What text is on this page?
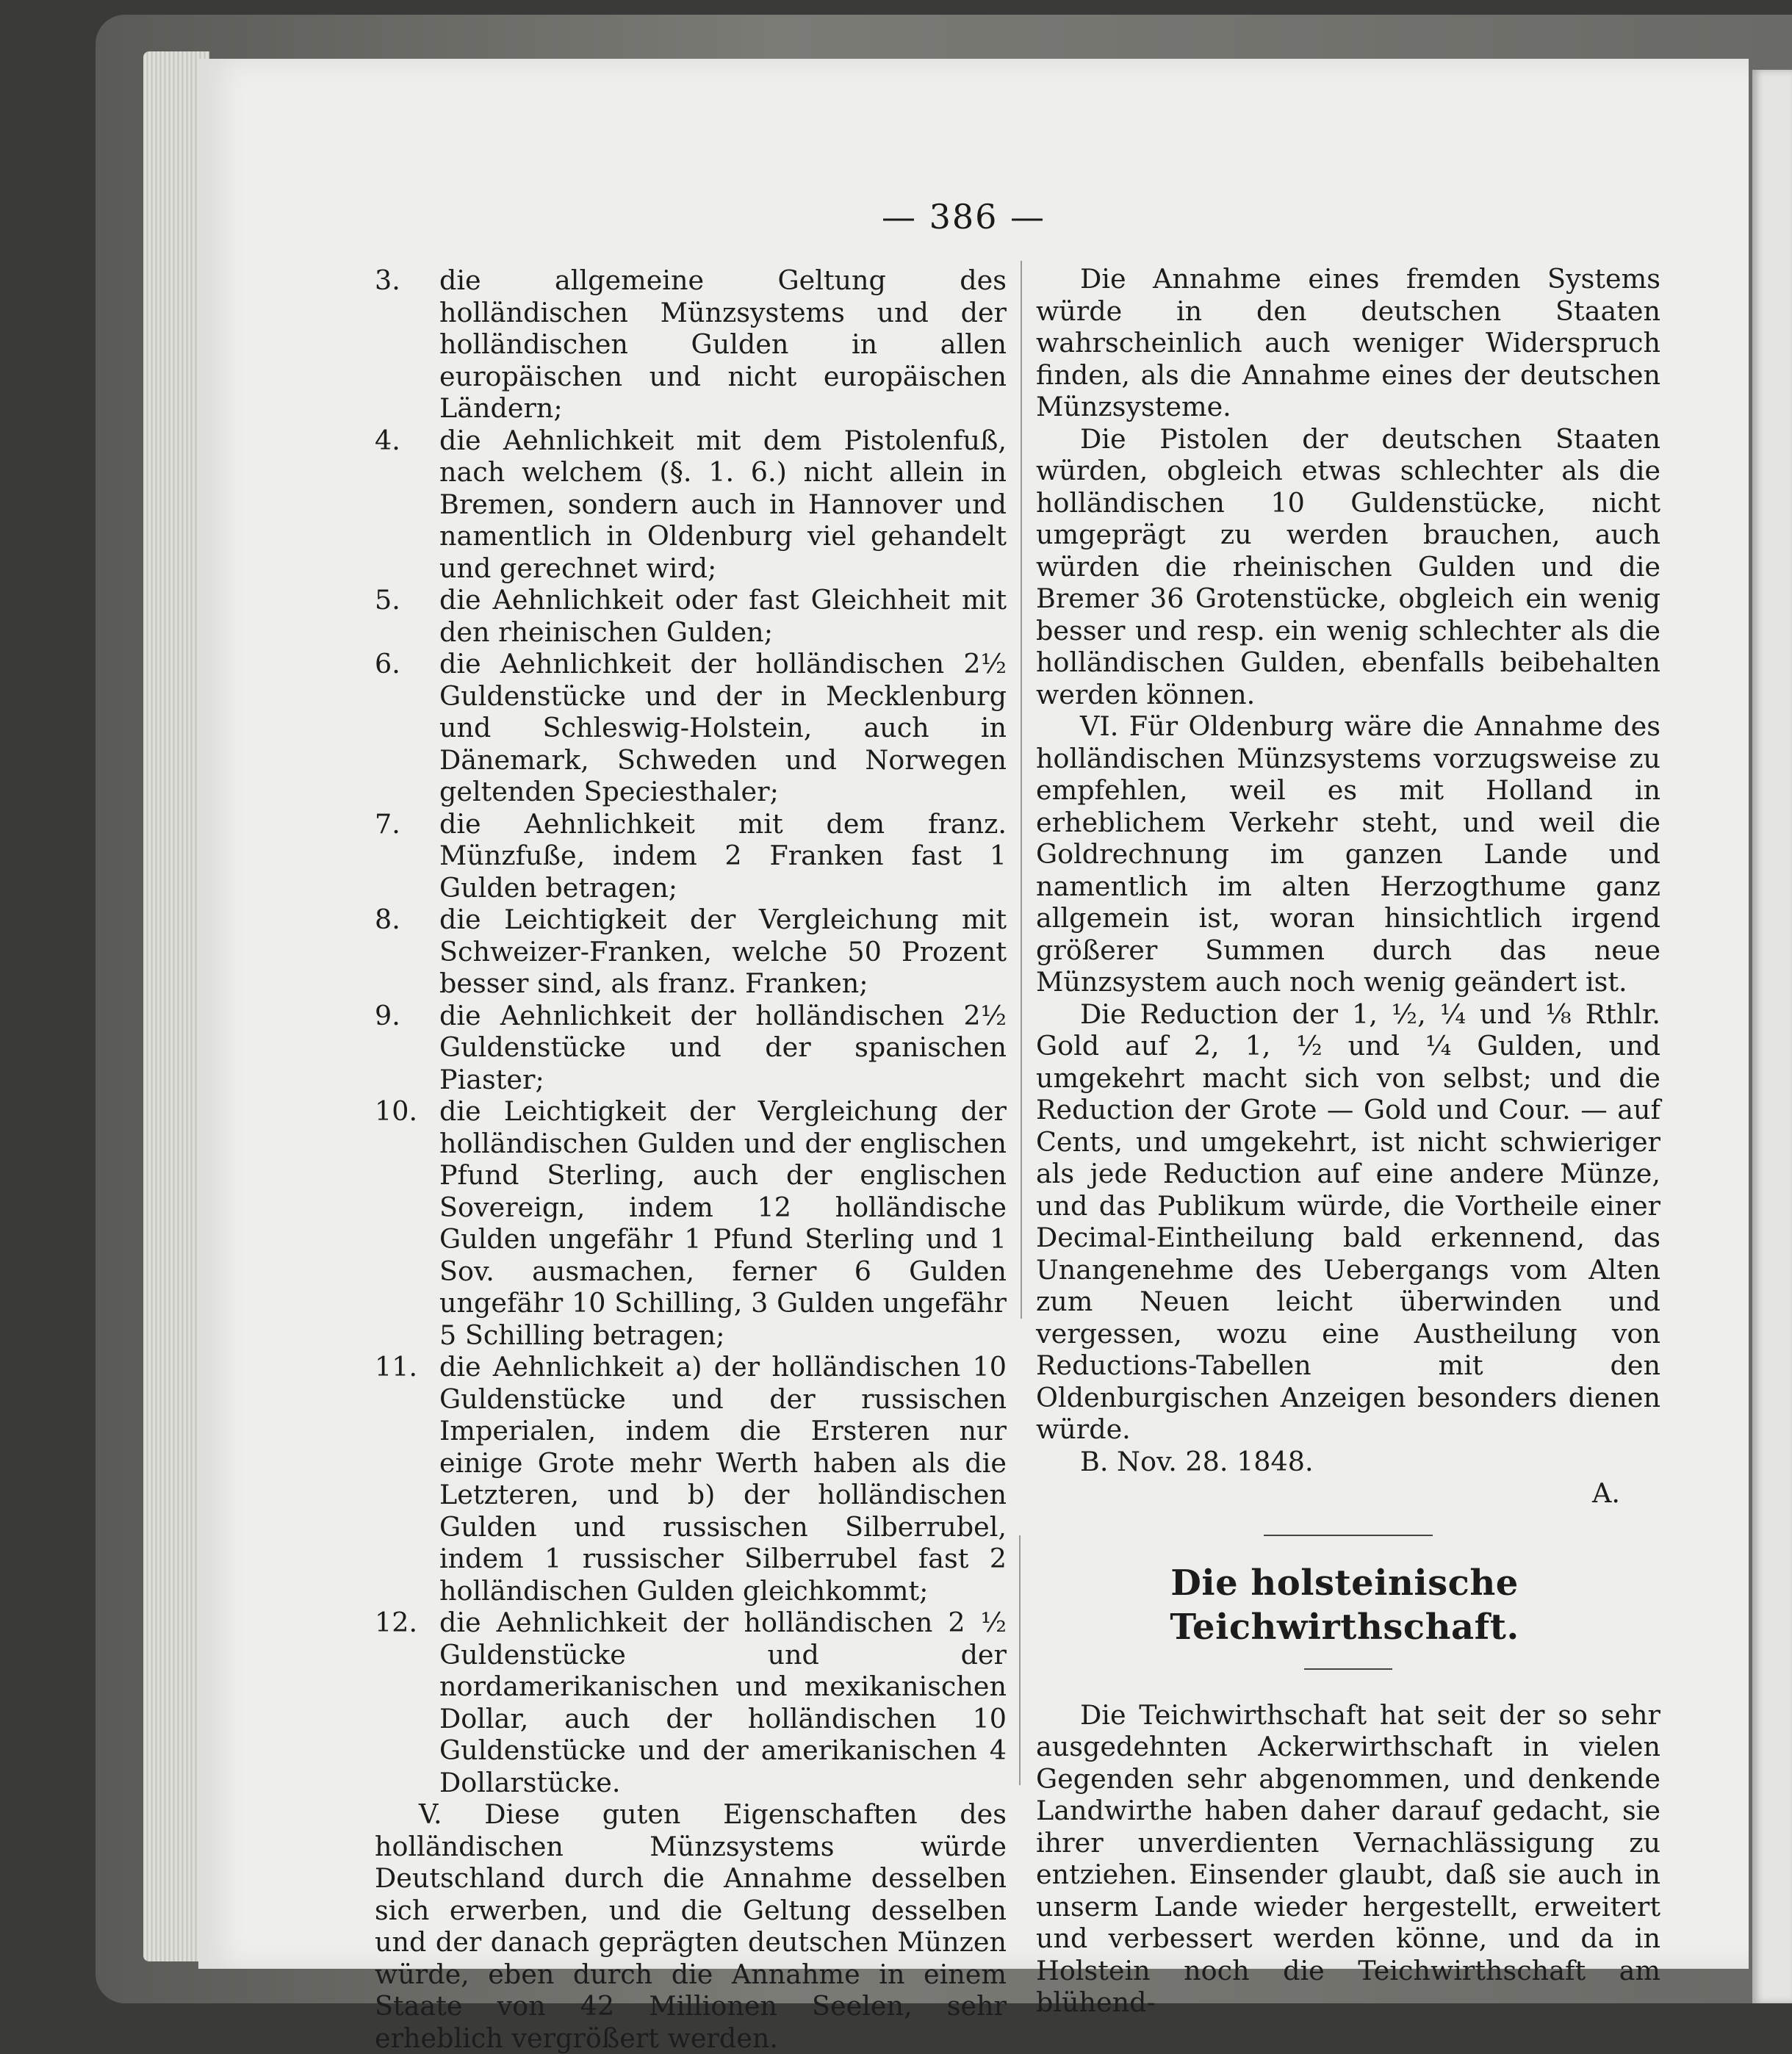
— 386 —
3.	die allgemeine Geltung des holländischen Münzsystems und der holländischen Gulden in allen europäischen und nicht europäischen Ländern;
4.	die Aehnlichkeit mit dem Pistolenfuß, nach welchem (§. 1. 6.) nicht allein in Bremen, sondern auch in Hannover und namentlich in Oldenburg viel gehandelt und gerechnet wird;
5.	die Aehnlichkeit oder fast Gleichheit mit den rheinischen Gulden;
6.	die Aehnlichkeit der holländischen 2½ Guldenstücke und der in Mecklenburg und Schleswig-Holstein, auch in Dänemark, Schweden und Norwegen geltenden Speciesthaler;
7.	die Aehnlichkeit mit dem franz. Münzfuße, indem 2 Franken fast 1 Gulden betragen;
8.	die Leichtigkeit der Vergleichung mit Schweizer-Franken, welche 50 Prozent besser sind, als franz. Franken;
9.	die Aehnlichkeit der holländischen 2½ Guldenstücke und der spanischen Piaster;
10. die Leichtigkeit der Vergleichung der holländischen Gulden und der englischen Pfund Sterling, auch der englischen Sovereign, indem 12 holländische Gulden ungefähr 1 Pfund Sterling und 1 Sov. ausmachen, ferner 6 Gulden ungefähr 10 Schilling, 3 Gulden ungefähr 5 Schilling betragen;
11. die Aehnlichkeit a) der holländischen 10 Guldenstücke und der russischen Imperialen, indem die Ersteren nur einige Grote mehr Werth haben als die Letzteren, und b) der holländischen Gulden und russischen Silberrubel, indem 1 russischer Silberrubel fast 2 holländischen Gulden gleichkommt;
12. die Aehnlichkeit der holländischen 2 ½ Guldenstücke und der nordamerikanischen und mexikanischen Dollar, auch der holländischen 10 Guldenstücke und der amerikanischen 4 Dollarstücke.

V. Diese guten Eigenschaften des holländischen Münzsystems würde Deutschland durch die Annahme desselben sich erwerben, und die Geltung desselben und der danach geprägten deutschen Münzen würde, eben durch die Annahme in einem Staate von 42 Millionen Seelen, sehr erheblich vergrößert werden.

Die Annahme eines fremden Systems würde in den deutschen Staaten wahrscheinlich auch weniger Widerspruch finden, als die Annahme eines der deutschen Münzsysteme.

Die Pistolen der deutschen Staaten würden, obgleich etwas schlechter als die holländischen 10 Guldenstücke, nicht umgeprägt zu werden brauchen, auch würden die rheinischen Gulden und die Bremer 36 Grotenstücke, obgleich ein wenig besser und resp. ein wenig schlechter als die holländischen Gulden, ebenfalls beibehalten werden können.

VI. Für Oldenburg wäre die Annahme des holländischen Münzsystems vorzugsweise zu empfehlen, weil es mit Holland in erheblichem Verkehr steht, und weil die Goldrechnung im ganzen Lande und namentlich im alten Herzogthume ganz allgemein ist, woran hinsichtlich irgend größerer Summen durch das neue Münzsystem auch noch wenig geändert ist.

Die Reduction der 1, ½, ¼ und ⅛ Rthlr. Gold auf 2, 1, ½ und ¼ Gulden, und umgekehrt macht sich von selbst; und die Reduction der Grote — Gold und Cour. — auf Cents, und umgekehrt, ist nicht schwieriger als jede Reduction auf eine andere Münze, und das Publikum würde, die Vortheile einer Decimal-Eintheilung bald erkennend, das Unangenehme des Uebergangs vom Alten zum Neuen leicht überwinden und vergessen, wozu eine Austheilung von Reductions-Tabellen mit den Oldenburgischen Anzeigen besonders dienen würde.

B. Nov. 28. 1848.

A.
Die holsteinische Teichwirthschaft.

Die Teichwirthschaft hat seit der so sehr ausgedehnten Ackerwirthschaft in vielen Gegenden sehr abgenommen, und denkende Landwirthe haben daher darauf gedacht, sie ihrer unverdienten Vernachlässigung zu entziehen. Einsender glaubt, daß sie auch in unserm Lande wieder hergestellt, erweitert und verbessert werden könne, und da in Holstein noch die Teichwirthschaft am blühend-
